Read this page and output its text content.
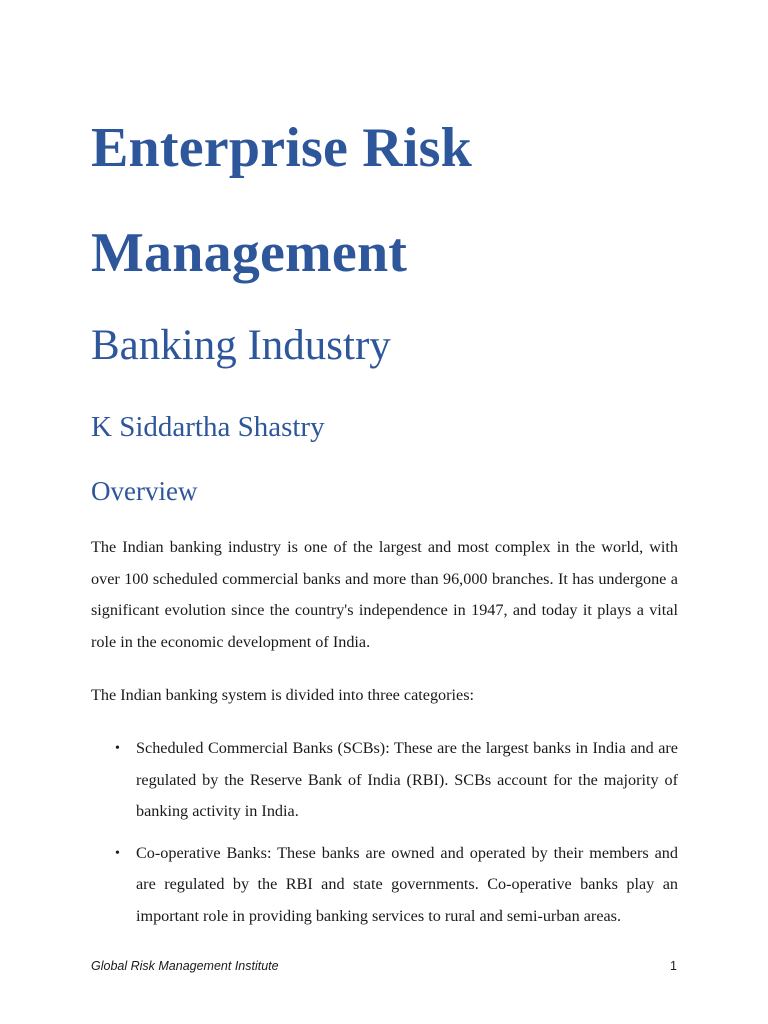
Enterprise Risk
Management
Banking Industry
K Siddartha Shastry
Overview

The Indian banking industry is one of the largest and most complex in the world, with over 100 scheduled commercial banks and more than 96,000 branches. It has undergone a significant evolution since the country's independence in 1947, and today it plays a vital role in the economic development of India.

The Indian banking system is divided into three categories:

• Scheduled Commercial Banks (SCBs): These are the largest banks in India and are regulated by the Reserve Bank of India (RBI). SCBs account for the majority of banking activity in India.
• Co-operative Banks: These banks are owned and operated by their members and are regulated by the RBI and state governments. Co-operative banks play an important role in providing banking services to rural and semi-urban areas.

Global Risk Management Institute	1
